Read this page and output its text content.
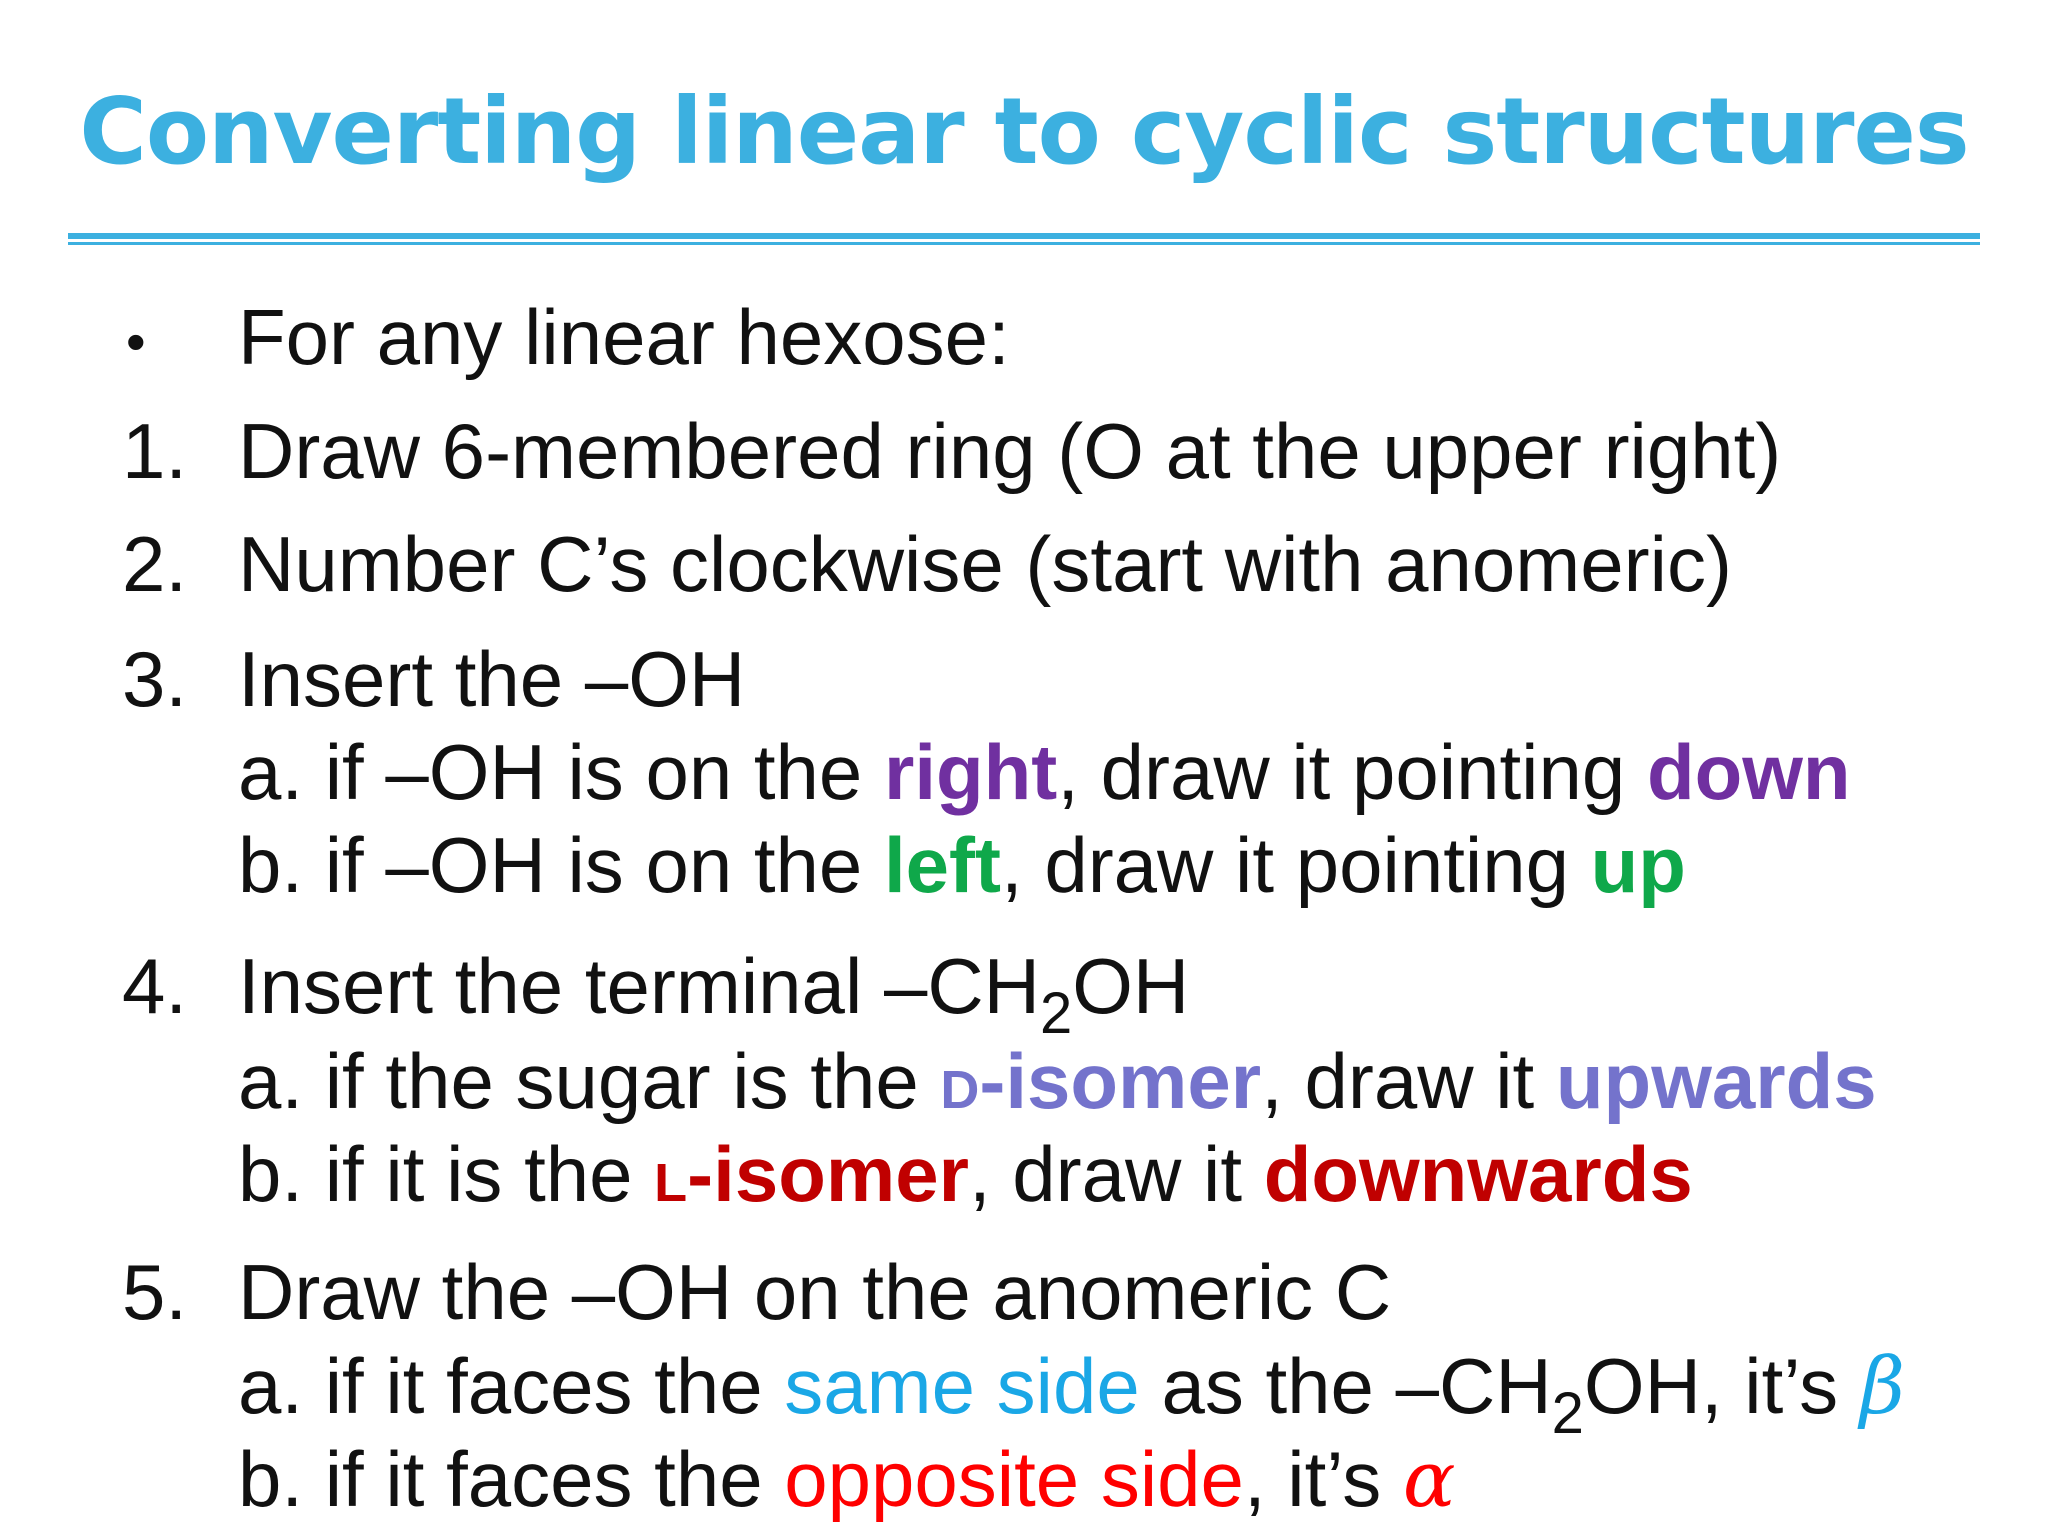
Converting linear to cyclic structures
• For any linear hexose:
1. Draw 6-membered ring (O at the upper right)
2. Number C’s clockwise (start with anomeric)
3. Insert the –OH
a. if –OH is on the right, draw it pointing down
b. if –OH is on the left, draw it pointing up
4. Insert the terminal $-CH_2OH$
a. if the sugar is the D-isomer, draw it upwards
b. if it is the L-isomer, draw it downwards
5. Draw the –OH on the anomeric C
a. if it faces the same side as the $-CH_2OH$, it’s β
b. if it faces the opposite side, it’s α
